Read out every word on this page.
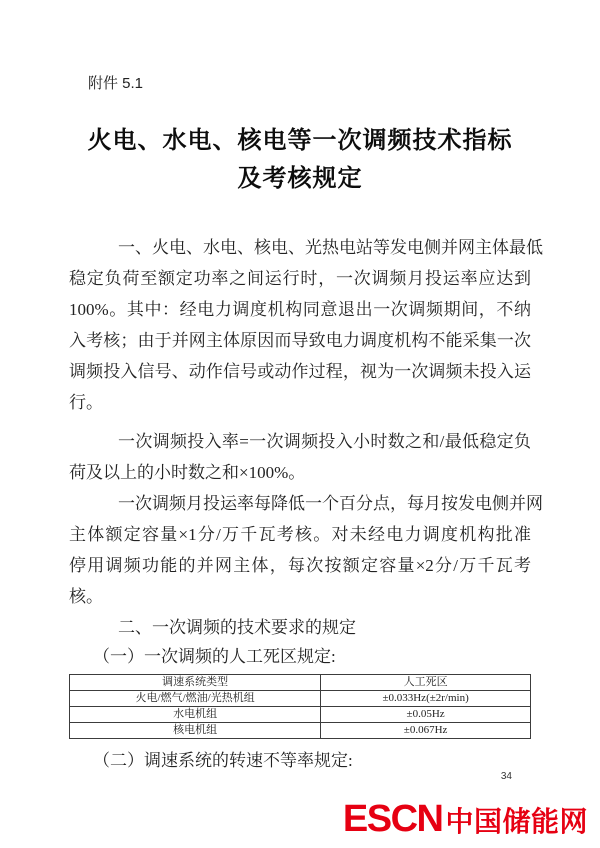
附件 5.1
火电、水电、核电等一次调频技术指标
及考核规定
一、火电、水电、核电、光热电站等发电侧并网主体最低
稳定负荷至额定功率之间运行时，一次调频月投运率应达到
100%。其中：经电力调度机构同意退出一次调频期间，不纳
入考核；由于并网主体原因而导致电力调度机构不能采集一次
调频投入信号、动作信号或动作过程，视为一次调频未投入运
行。
一次调频投入率=一次调频投入小时数之和/最低稳定负
荷及以上的小时数之和×100%。
一次调频月投运率每降低一个百分点，每月按发电侧并网
主体额定容量×1分/万千瓦考核。对未经电力调度机构批准
停用调频功能的并网主体，每次按额定容量×2分/万千瓦考
核。
二、一次调频的技术要求的规定
（一）一次调频的人工死区规定:
调速系统类型	人工死区
火电/燃气/燃油/光热机组	±0.033Hz(±2r/min)
水电机组	±0.05Hz
核电机组	±0.067Hz
（二）调速系统的转速不等率规定:
34
ESCN 中国储能网
